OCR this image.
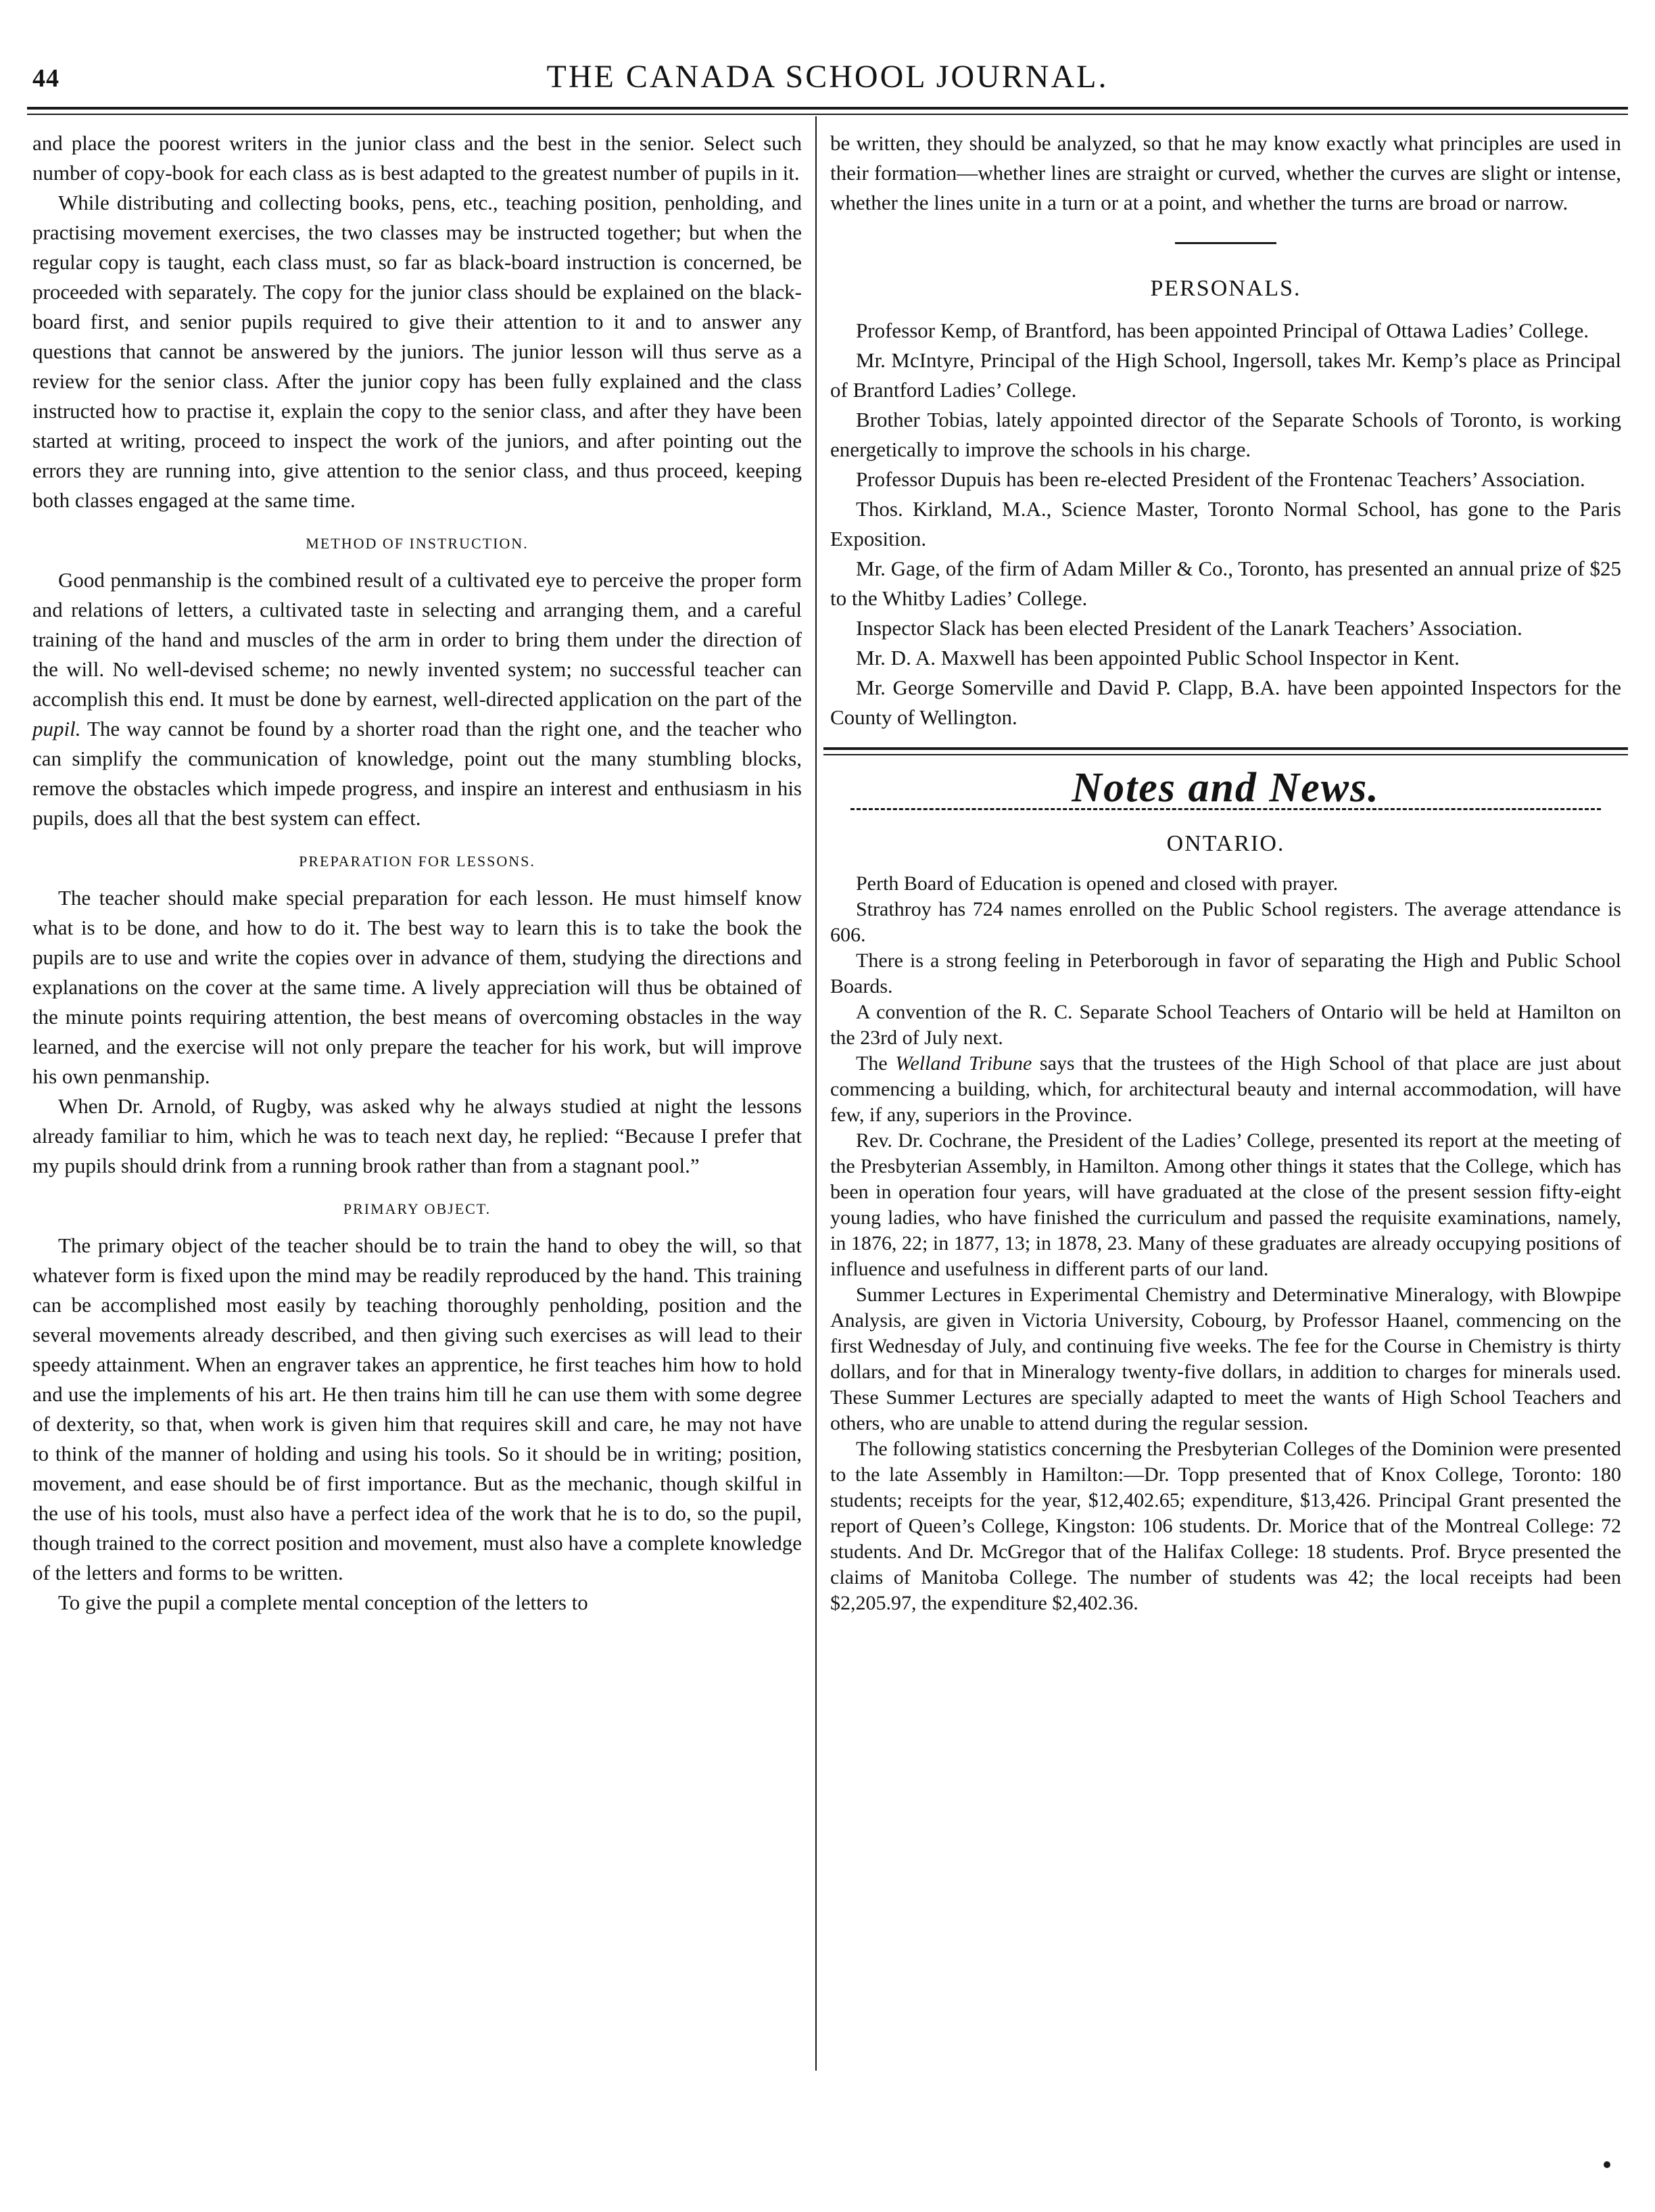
44	THE CANADA SCHOOL JOURNAL.

and place the poorest writers in the junior class and the best in the senior. Select such number of copy-book for each class as is best adapted to the greatest number of pupils in it.

While distributing and collecting books, pens, etc., teaching position, penholding, and practising movement exercises, the two classes may be instructed together; but when the regular copy is taught, each class must, so far as black-board instruction is concerned, be proceeded with separately. The copy for the junior class should be explained on the black-board first, and senior pupils required to give their attention to it and to answer any questions that cannot be answered by the juniors. The junior lesson will thus serve as a review for the senior class. After the junior copy has been fully explained and the class instructed how to practise it, explain the copy to the senior class, and after they have been started at writing, proceed to inspect the work of the juniors, and after pointing out the errors they are running into, give attention to the senior class, and thus proceed, keeping both classes engaged at the same time.

METHOD OF INSTRUCTION.

Good penmanship is the combined result of a cultivated eye to perceive the proper form and relations of letters, a cultivated taste in selecting and arranging them, and a careful training of the hand and muscles of the arm in order to bring them under the direction of the will. No well-devised scheme; no newly invented system; no successful teacher can accomplish this end. It must be done by earnest, well-directed application on the part of the pupil. The way cannot be found by a shorter road than the right one, and the teacher who can simplify the communication of knowledge, point out the many stumbling blocks, remove the obstacles which impede progress, and inspire an interest and enthusiasm in his pupils, does all that the best system can effect.

PREPARATION FOR LESSONS.

The teacher should make special preparation for each lesson. He must himself know what is to be done, and how to do it. The best way to learn this is to take the book the pupils are to use and write the copies over in advance of them, studying the directions and explanations on the cover at the same time. A lively appreciation will thus be obtained of the minute points requiring attention, the best means of overcoming obstacles in the way learned, and the exercise will not only prepare the teacher for his work, but will improve his own penmanship.

When Dr. Arnold, of Rugby, was asked why he always studied at night the lessons already familiar to him, which he was to teach next day, he replied: “Because I prefer that my pupils should drink from a running brook rather than from a stagnant pool.”

PRIMARY OBJECT.

The primary object of the teacher should be to train the hand to obey the will, so that whatever form is fixed upon the mind may be readily reproduced by the hand. This training can be accomplished most easily by teaching thoroughly penholding, position and the several movements already described, and then giving such exercises as will lead to their speedy attainment. When an engraver takes an apprentice, he first teaches him how to hold and use the implements of his art. He then trains him till he can use them with some degree of dexterity, so that, when work is given him that requires skill and care, he may not have to think of the manner of holding and using his tools. So it should be in writing; position, movement, and ease should be of first importance. But as the mechanic, though skilful in the use of his tools, must also have a perfect idea of the work that he is to do, so the pupil, though trained to the correct position and movement, must also have a complete knowledge of the letters and forms to be written.

To give the pupil a complete mental conception of the letters to

be written, they should be analyzed, so that he may know exactly what principles are used in their formation—whether lines are straight or curved, whether the curves are slight or intense, whether the lines unite in a turn or at a point, and whether the turns are broad or narrow.

PERSONALS.

Professor Kemp, of Brantford, has been appointed Principal of Ottawa Ladies’ College.

Mr. McIntyre, Principal of the High School, Ingersoll, takes Mr. Kemp’s place as Principal of Brantford Ladies’ College.

Brother Tobias, lately appointed director of the Separate Schools of Toronto, is working energetically to improve the schools in his charge.

Professor Dupuis has been re-elected President of the Frontenac Teachers’ Association.

Thos. Kirkland, M.A., Science Master, Toronto Normal School, has gone to the Paris Exposition.

Mr. Gage, of the firm of Adam Miller & Co., Toronto, has presented an annual prize of $25 to the Whitby Ladies’ College.

Inspector Slack has been elected President of the Lanark Teachers’ Association.

Mr. D. A. Maxwell has been appointed Public School Inspector in Kent.

Mr. George Somerville and David P. Clapp, B.A. have been appointed Inspectors for the County of Wellington.

Notes and News.
ONTARIO.

Perth Board of Education is opened and closed with prayer.

Strathroy has 724 names enrolled on the Public School registers. The average attendance is 606.

There is a strong feeling in Peterborough in favor of separating the High and Public School Boards.

A convention of the R. C. Separate School Teachers of Ontario will be held at Hamilton on the 23rd of July next.

The Welland Tribune says that the trustees of the High School of that place are just about commencing a building, which, for architectural beauty and internal accommodation, will have few, if any, superiors in the Province.

Rev. Dr. Cochrane, the President of the Ladies’ College, presented its report at the meeting of the Presbyterian Assembly, in Hamilton. Among other things it states that the College, which has been in operation four years, will have graduated at the close of the present session fifty-eight young ladies, who have finished the curriculum and passed the requisite examinations, namely, in 1876, 22; in 1877, 13; in 1878, 23. Many of these graduates are already occupying positions of influence and usefulness in different parts of our land.

Summer Lectures in Experimental Chemistry and Determinative Mineralogy, with Blowpipe Analysis, are given in Victoria University, Cobourg, by Professor Haanel, commencing on the first Wednesday of July, and continuing five weeks. The fee for the Course in Chemistry is thirty dollars, and for that in Mineralogy twenty-five dollars, in addition to charges for minerals used. These Summer Lectures are specially adapted to meet the wants of High School Teachers and others, who are unable to attend during the regular session.

The following statistics concerning the Presbyterian Colleges of the Dominion were presented to the late Assembly in Hamilton:—Dr. Topp presented that of Knox College, Toronto: 180 students; receipts for the year, $12,402.65; expenditure, $13,426. Principal Grant presented the report of Queen’s College, Kingston: 106 students. Dr. Morice that of the Montreal College: 72 students. And Dr. McGregor that of the Halifax College: 18 students. Prof. Bryce presented the claims of Manitoba College. The number of students was 42; the local receipts had been $2,205.97, the expenditure $2,402.36.
